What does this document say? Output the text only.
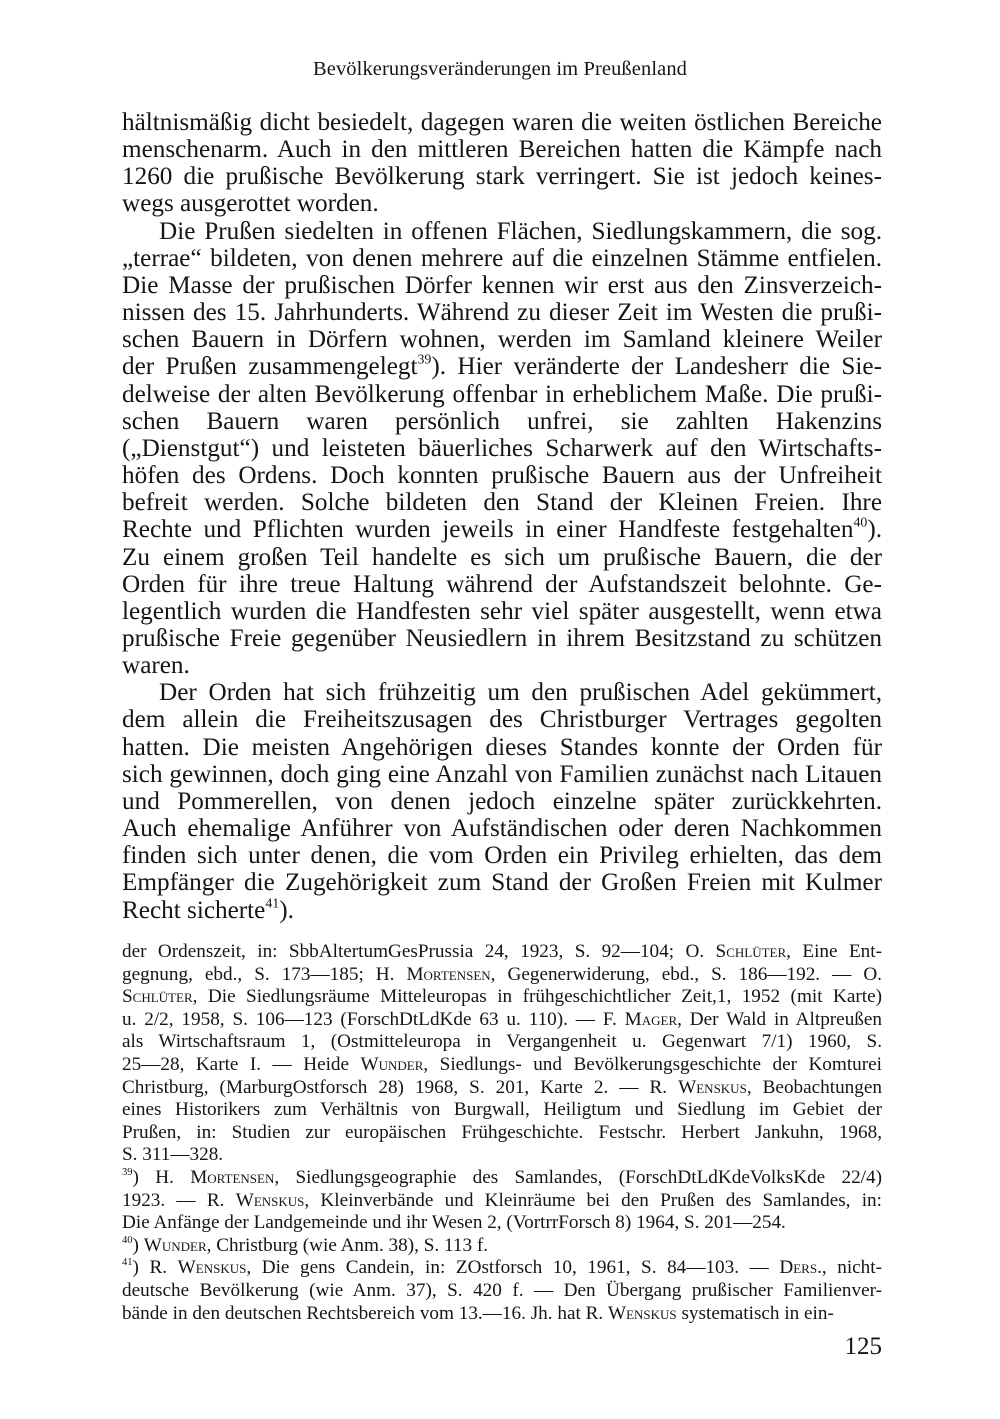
Bevölkerungsveränderungen im Preußenland

hältnismäßig dicht besiedelt, dagegen waren die weiten östlichen Bereiche
menschenarm. Auch in den mittleren Bereichen hatten die Kämpfe nach
1260 die prußische Bevölkerung stark verringert. Sie ist jedoch keines-
wegs ausgerottet worden.

Die Prußen siedelten in offenen Flächen, Siedlungskammern, die sog.
„terrae“ bildeten, von denen mehrere auf die einzelnen Stämme entfielen.
Die Masse der prußischen Dörfer kennen wir erst aus den Zinsverzeich-
nissen des 15. Jahrhunderts. Während zu dieser Zeit im Westen die prußi-
schen Bauern in Dörfern wohnen, werden im Samland kleinere Weiler
der Prußen zusammengelegt$^{39}$). Hier veränderte der Landesherr die Sie-
delweise der alten Bevölkerung offenbar in erheblichem Maße. Die prußi-
schen Bauern waren persönlich unfrei, sie zahlten Hakenzins
(„Dienstgut“) und leisteten bäuerliches Scharwerk auf den Wirtschafts-
höfen des Ordens. Doch konnten prußische Bauern aus der Unfreiheit
befreit werden. Solche bildeten den Stand der Kleinen Freien. Ihre
Rechte und Pflichten wurden jeweils in einer Handfeste festgehalten$^{40}$).
Zu einem großen Teil handelte es sich um prußische Bauern, die der
Orden für ihre treue Haltung während der Aufstandszeit belohnte. Ge-
legentlich wurden die Handfesten sehr viel später ausgestellt, wenn etwa
prußische Freie gegenüber Neusiedlern in ihrem Besitzstand zu schützen
waren.

Der Orden hat sich frühzeitig um den prußischen Adel gekümmert,
dem allein die Freiheitszusagen des Christburger Vertrages gegolten
hatten. Die meisten Angehörigen dieses Standes konnte der Orden für
sich gewinnen, doch ging eine Anzahl von Familien zunächst nach Litauen
und Pommerellen, von denen jedoch einzelne später zurückkehrten.
Auch ehemalige Anführer von Aufständischen oder deren Nachkommen
finden sich unter denen, die vom Orden ein Privileg erhielten, das dem
Empfänger die Zugehörigkeit zum Stand der Großen Freien mit Kulmer
Recht sicherte$^{41}$).

der Ordenszeit, in: SbbAltertumGesPrussia 24, 1923, S. 92—104; O. Schlüter, Eine Ent-
gegnung, ebd., S. 173—185; H. Mortensen, Gegenerwiderung, ebd., S. 186—192. — O.
Schlüter, Die Siedlungsräume Mitteleuropas in frühgeschichtlicher Zeit,1, 1952 (mit Karte)
u. 2/2, 1958, S. 106—123 (ForschDtLdKde 63 u. 110). — F. Mager, Der Wald in Altpreußen
als Wirtschaftsraum 1, (Ostmitteleuropa in Vergangenheit u. Gegenwart 7/1) 1960, S.
25—28, Karte I. — Heide Wunder, Siedlungs- und Bevölkerungsgeschichte der Komturei
Christburg, (MarburgOstforsch 28) 1968, S. 201, Karte 2. — R. Wenskus, Beobachtungen
eines Historikers zum Verhältnis von Burgwall, Heiligtum und Siedlung im Gebiet der
Prußen, in: Studien zur europäischen Frühgeschichte. Festschr. Herbert Jankuhn, 1968,
S. 311—328.
$^{39}$) H. Mortensen, Siedlungsgeographie des Samlandes, (ForschDtLdKdeVolksKde 22/4)
1923. — R. Wenskus, Kleinverbände und Kleinräume bei den Prußen des Samlandes, in:
Die Anfänge der Landgemeinde und ihr Wesen 2, (VortrrForsch 8) 1964, S. 201—254.
$^{40}$) Wunder, Christburg (wie Anm. 38), S. 113 f.
$^{41}$) R. Wenskus, Die gens Candein, in: ZOstforsch 10, 1961, S. 84—103. — Ders., nicht-
deutsche Bevölkerung (wie Anm. 37), S. 420 f. — Den Übergang prußischer Familienver-
bände in den deutschen Rechtsbereich vom 13.—16. Jh. hat R. Wenskus systematisch in ein-
125
